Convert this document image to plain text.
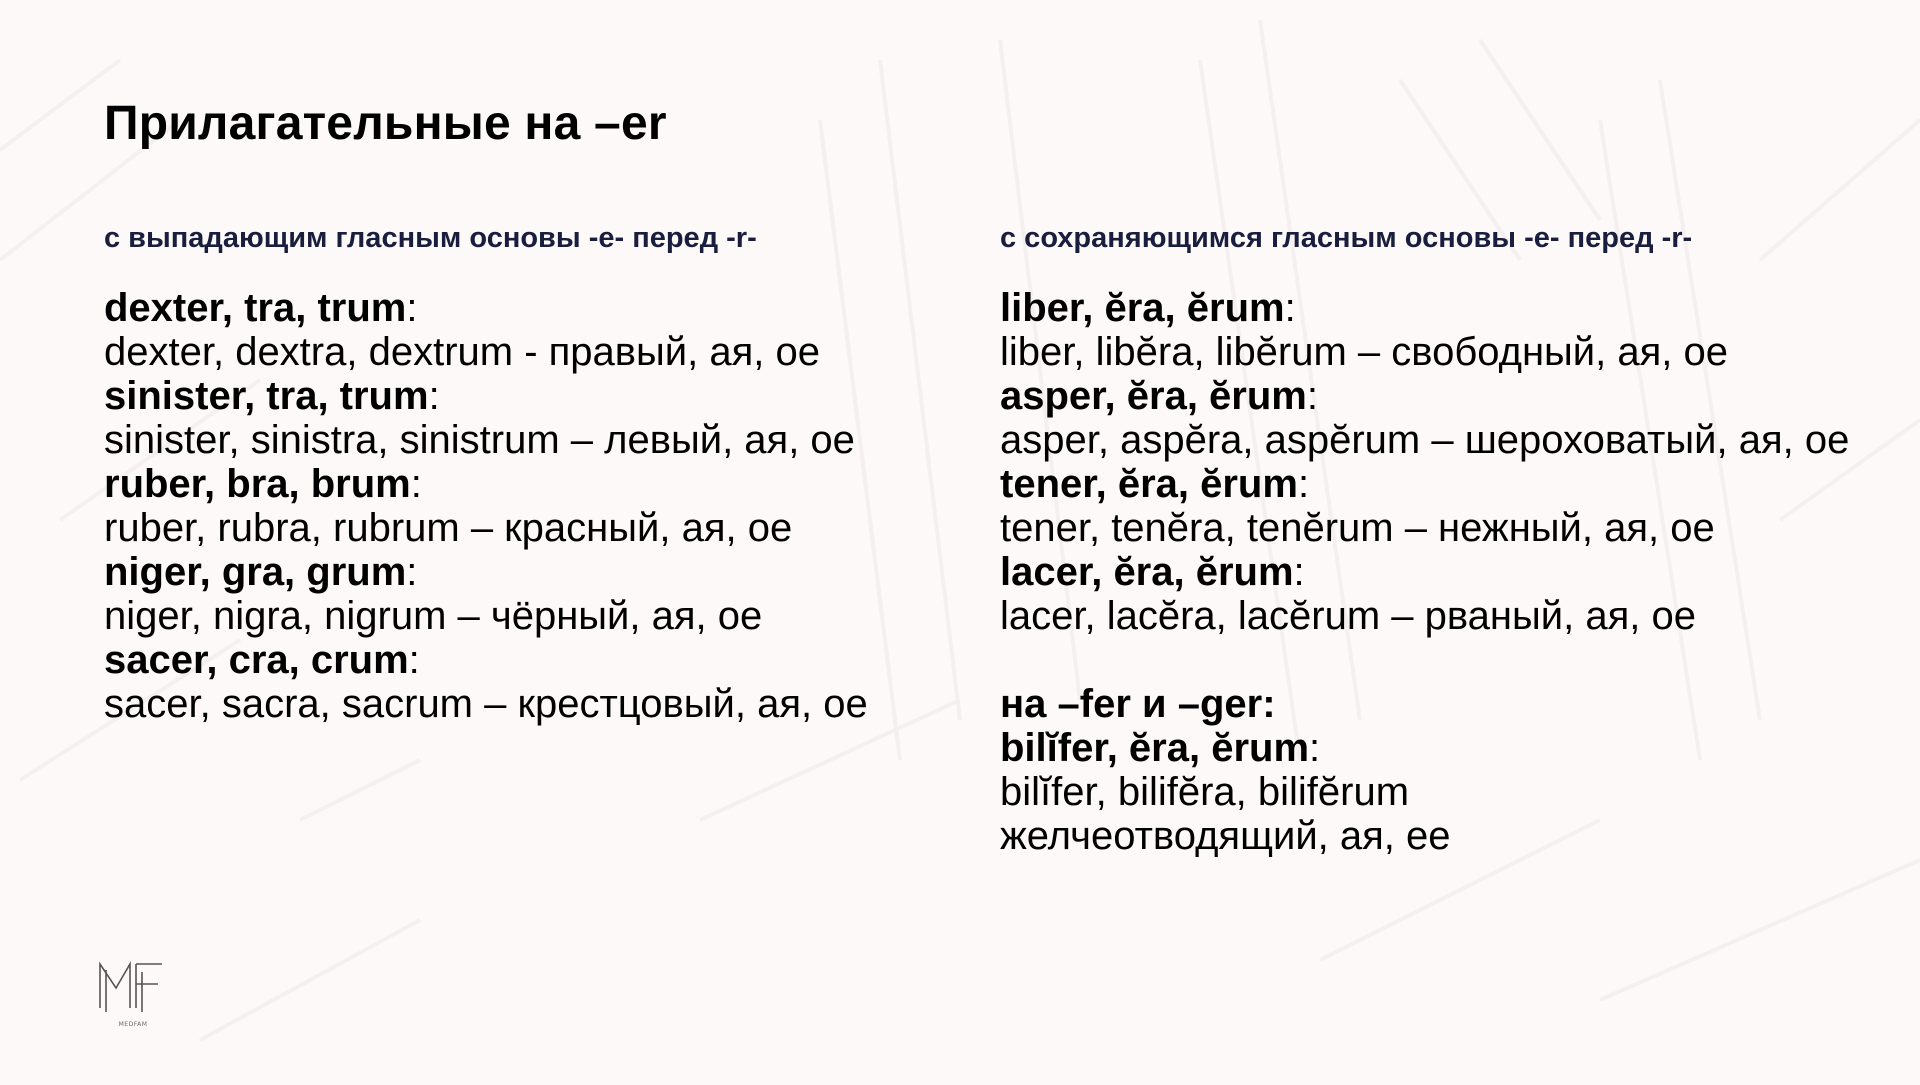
Прилагательные на –er
с выпадающим гласным основы -e- перед -r-
dexter, tra, trum:
dexter, dextra, dextrum - правый, ая, ое
sinister, tra, trum:
sinister, sinistra, sinistrum – левый, ая, ое
ruber, bra, brum:
ruber, rubra, rubrum – красный, ая, ое
niger, gra, grum:
niger, nigra, nigrum – чёрный, ая, ое
sacer, cra, crum:
sacer, sacra, sacrum – крестцовый, ая, ое
с сохраняющимся гласным основы -e- перед -r-
liber, ĕra, ĕrum:
liber, libĕra, libĕrum – свободный, ая, ое
asper, ĕra, ĕrum:
asper, aspĕra, aspĕrum – шероховатый, ая, ое
tener, ĕra, ĕrum:
tener, tenĕra, tenĕrum – нежный, ая, ое
lacer, ĕra, ĕrum:
lacer, lacĕra, lacĕrum – рваный, ая, ое
на –fer и –ger:
bilĭfer, ĕra, ĕrum:
bilĭfer, bilifĕra, bilifĕrum желчеотводящий, ая, ее
MEDFAM
